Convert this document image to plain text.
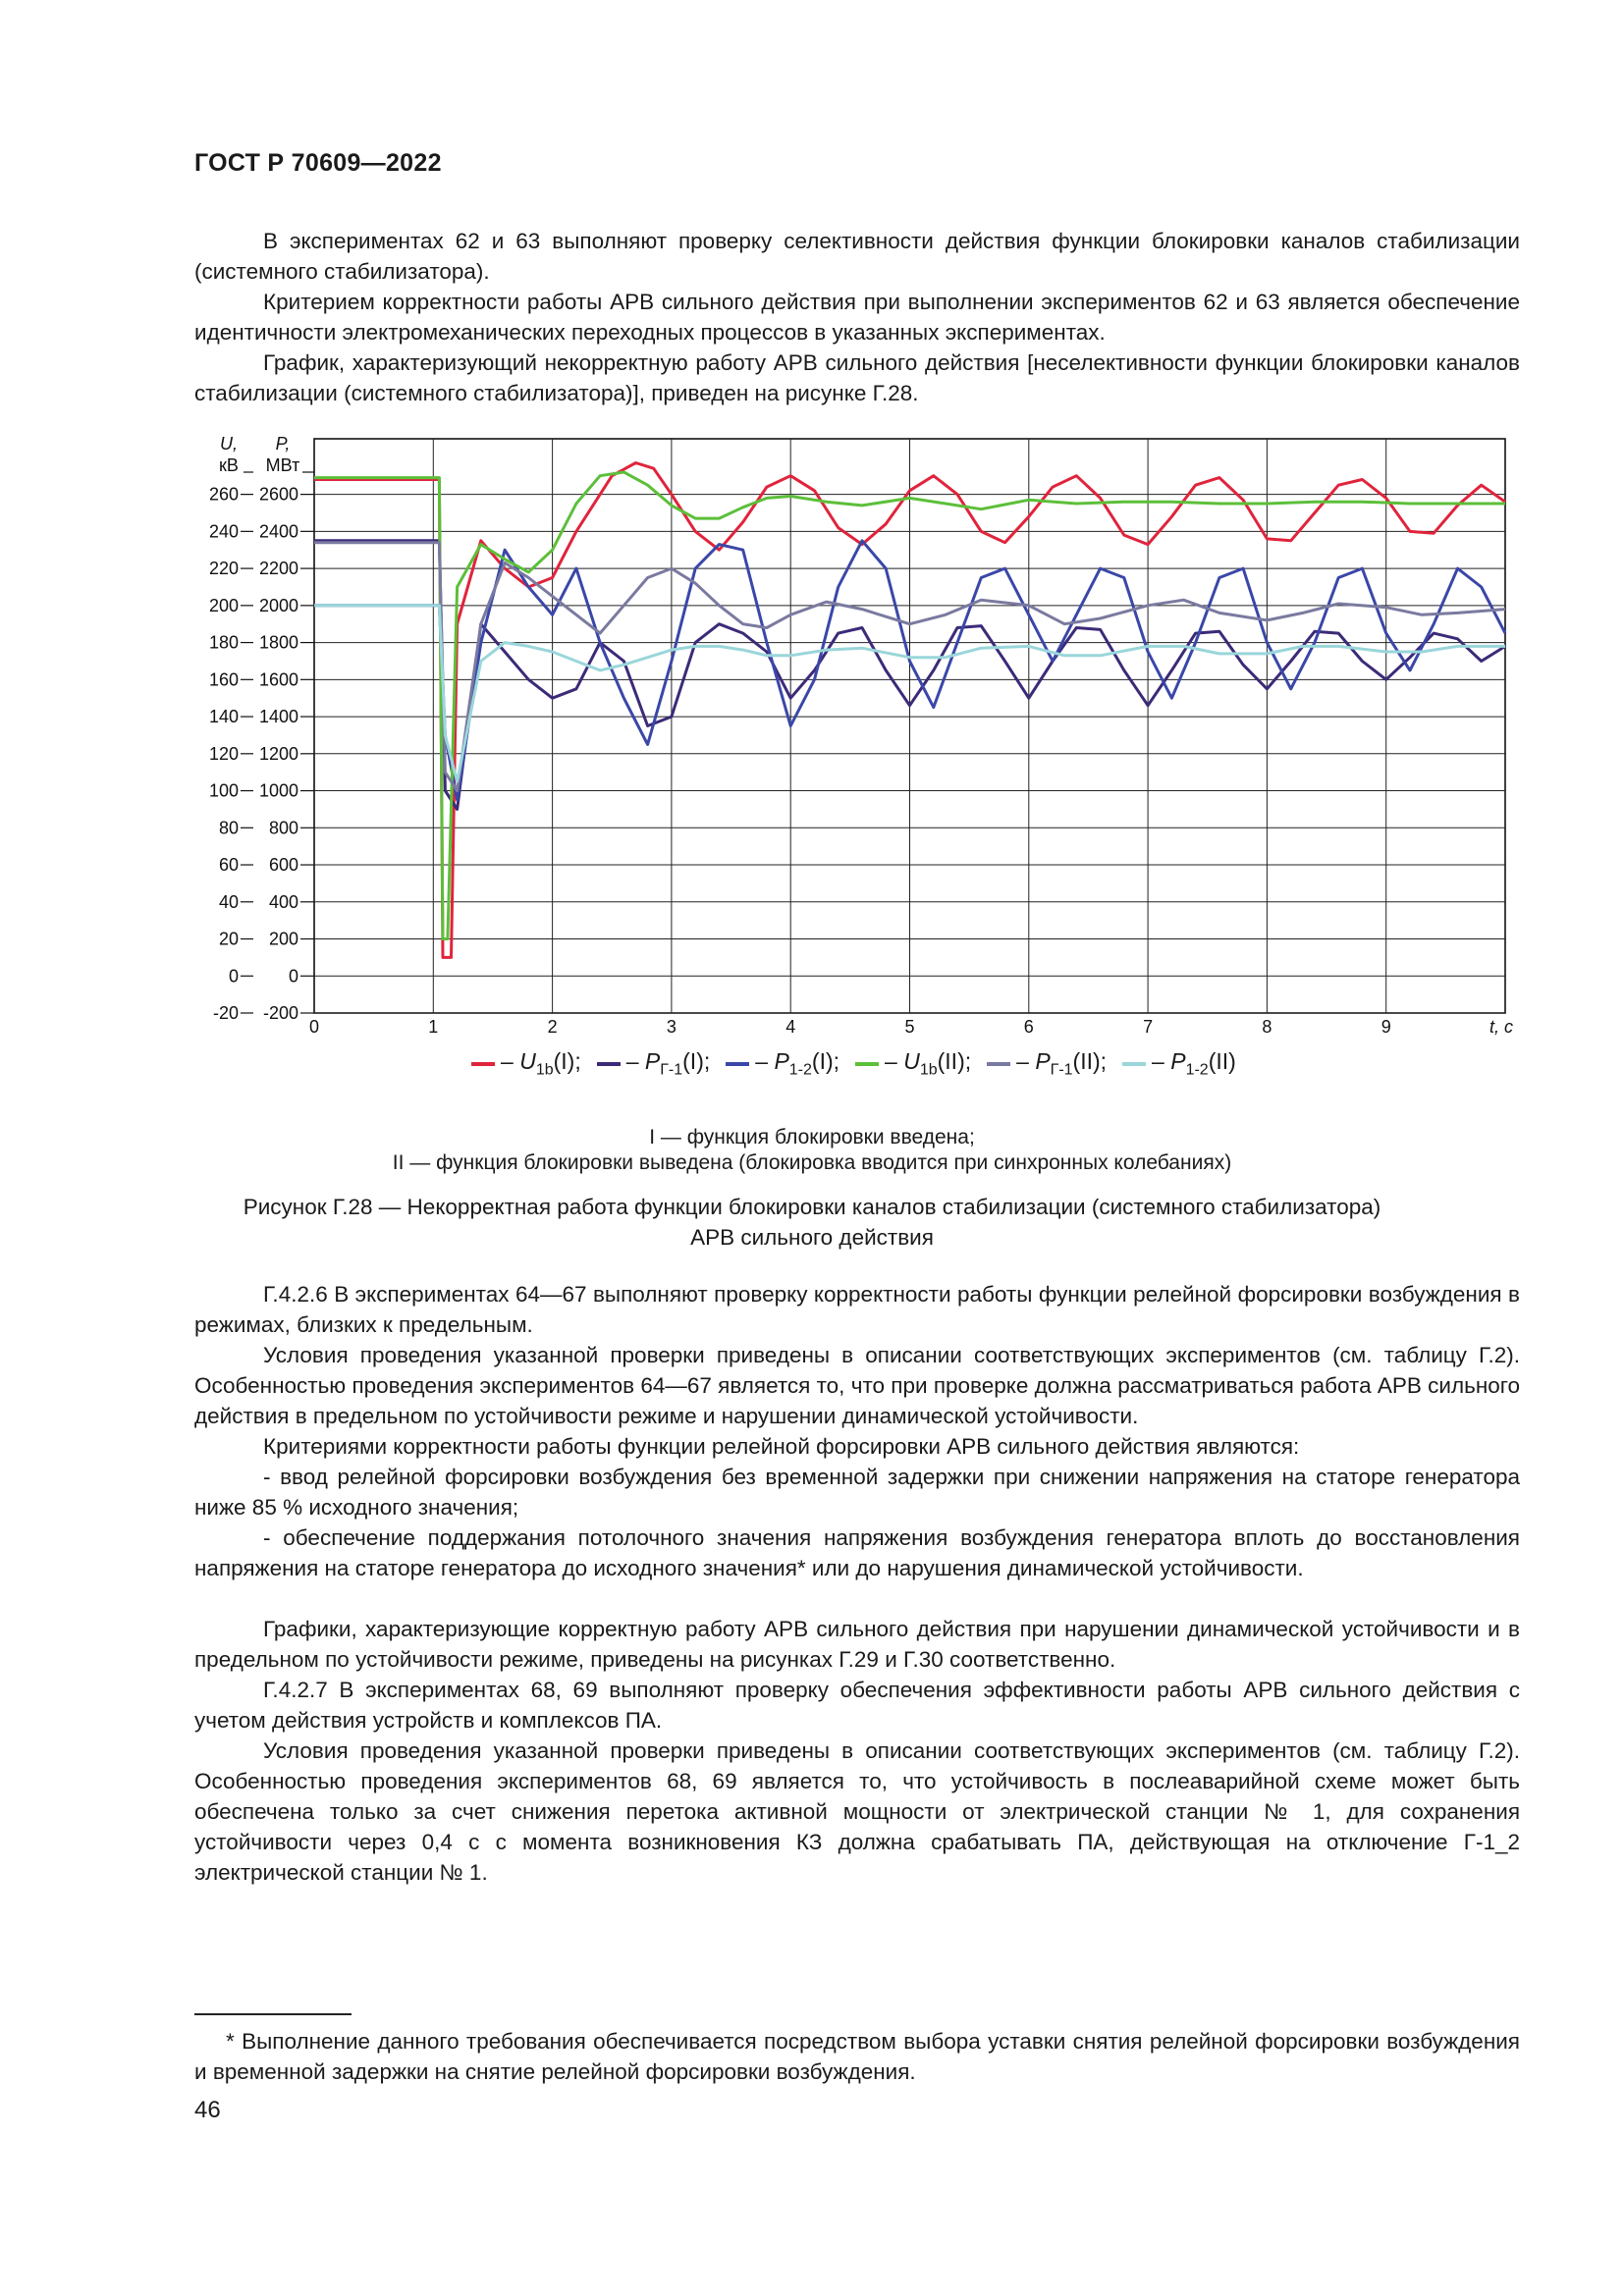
ГОСТ Р 70609—2022

В экспериментах 62 и 63 выполняют проверку селективности действия функции блокировки каналов стабилизации (системного стабилизатора).

Критерием корректности работы АРВ сильного действия при выполнении экспериментов 62 и 63 является обеспечение идентичности электромеханических переходных процессов в указанных экспериментах.

График, характеризующий некорректную работу АРВ сильного действия [неселективности функции блокировки каналов стабилизации (системного стабилизатора)], приведен на рисунке Г.28.

U,
кВ
P,
МВт
260 2600
240 2400
220 2200
200 2000
180 1800
160 1600
140 1400
120 1200
100 1000
80 800
60 600
40 400
20 200
0	0
-20 -200
0	1	2	3	4	5	6	7	8	9	t, c
– $U_{1b}(I)$; – $P_{Г-1}(I)$; – $P_{1-2}(I)$; – $U_{1b}(II)$; – $P_{Г-1}(II)$; – $P_{1-2}(II)$
I — функция блокировки введена;
II — функция блокировки выведена (блокировка вводится при синхронных колебаниях)
Рисунок Г.28 — Некорректная работа функции блокировки каналов стабилизации (системного стабилизатора)
АРВ сильного действия

Г.4.2.6 В экспериментах 64—67 выполняют проверку корректности работы функции релейной форсировки возбуждения в режимах, близких к предельным.

Условия проведения указанной проверки приведены в описании соответствующих экспериментов (см. таблицу Г.2). Особенностью проведения экспериментов 64—67 является то, что при проверке должна рассматриваться работа АРВ сильного действия в предельном по устойчивости режиме и нарушении динамической устойчивости.

Критериями корректности работы функции релейной форсировки АРВ сильного действия являются:

- ввод релейной форсировки возбуждения без временной задержки при снижении напряжения на статоре генератора ниже 85 % исходного значения;

- обеспечение поддержания потолочного значения напряжения возбуждения генератора вплоть до восстановления напряжения на статоре генератора до исходного значения* или до нарушения динамической устойчивости.

Графики, характеризующие корректную работу АРВ сильного действия при нарушении динамической устойчивости и в предельном по устойчивости режиме, приведены на рисунках Г.29 и Г.30 соответственно.

Г.4.2.7 В экспериментах 68, 69 выполняют проверку обеспечения эффективности работы АРВ сильного действия с учетом действия устройств и комплексов ПА.

Условия проведения указанной проверки приведены в описании соответствующих экспериментов (см. таблицу Г.2). Особенностью проведения экспериментов 68, 69 является то, что устойчивость в послеаварийной схеме может быть обеспечена только за счет снижения перетока активной мощности от электрической станции № 1, для сохранения устойчивости через 0,4 с с момента возникновения КЗ должна срабатывать ПА, действующая на отключение Г-1_2 электрической станции № 1.

* Выполнение данного требования обеспечивается посредством выбора уставки снятия релейной форсировки возбуждения и временной задержки на снятие релейной форсировки возбуждения.

46
